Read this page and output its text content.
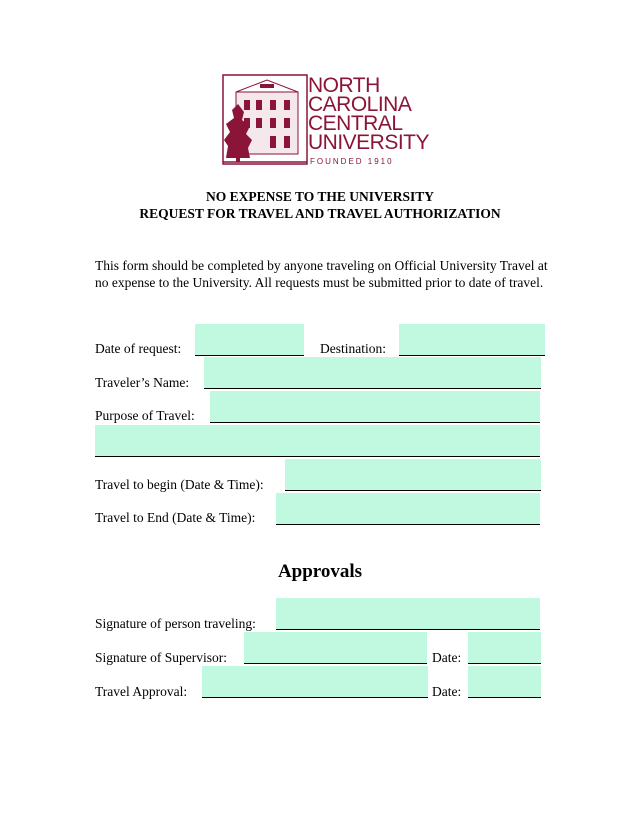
NORTH
CAROLINA
CENTRAL
UNIVERSITY
FOUNDED 1910
NO EXPENSE TO THE UNIVERSITY
REQUEST FOR TRAVEL AND TRAVEL AUTHORIZATION
This form should be completed by anyone traveling on Official University Travel at no expense to the University. All requests must be submitted prior to date of travel.
Date of request:	Destination:
Traveler’s Name:
Purpose of Travel:
Travel to begin (Date & Time):
Travel to End (Date & Time):
Approvals
Signature of person traveling:
Signature of Supervisor:	Date:
Travel Approval:	Date:
